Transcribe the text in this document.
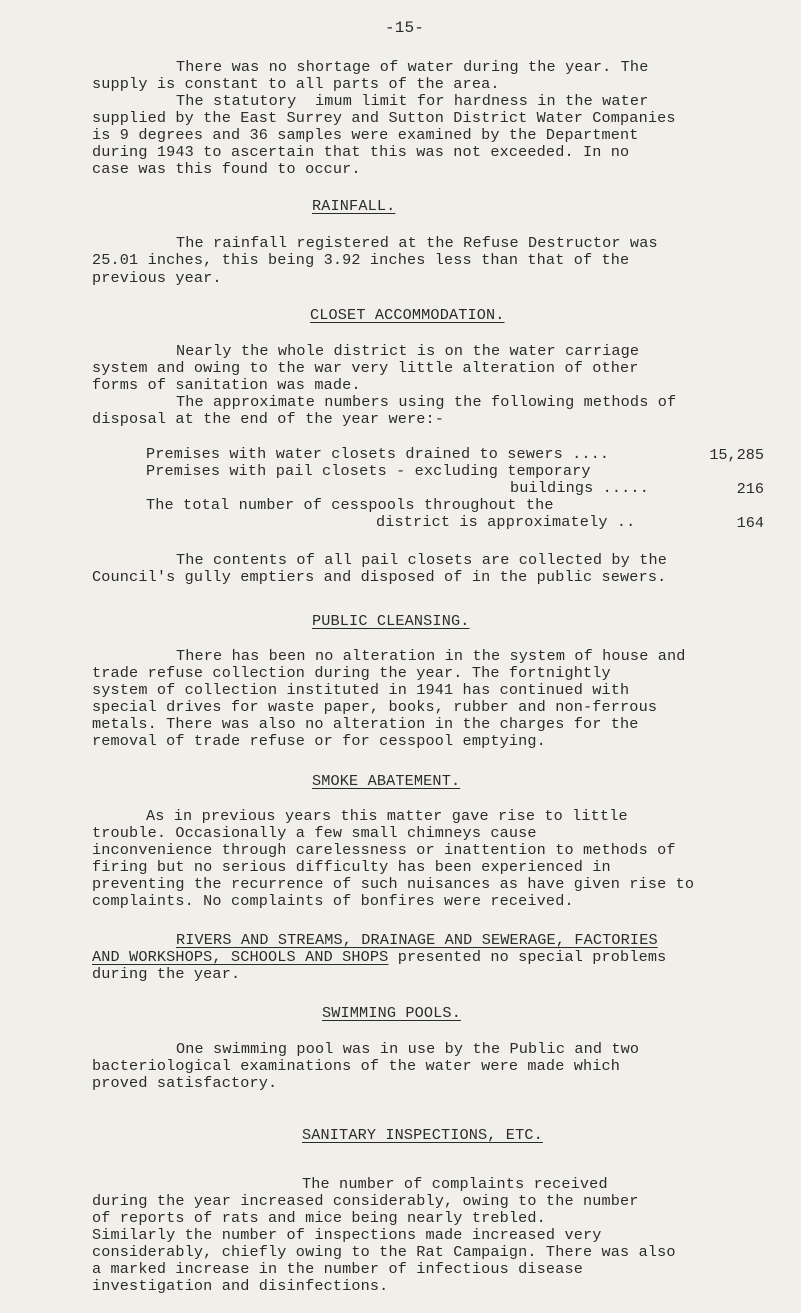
-15-
There was no shortage of water during the year. The
supply is constant to all parts of the area.
The statutory  imum limit for hardness in the water
supplied by the East Surrey and Sutton District Water Companies
is 9 degrees and 36 samples were examined by the Department
during 1943 to ascertain that this was not exceeded. In no
case was this found to occur.
RAINFALL.
The rainfall registered at the Refuse Destructor was
25.01 inches, this being 3.92 inches less than that of the
previous year.
CLOSET ACCOMMODATION.
Nearly the whole district is on the water carriage
system and owing to the war very little alteration of other
forms of sanitation was made.
The approximate numbers using the following methods of
disposal at the end of the year were:-
Premises with water closets drained to sewers ....	15,285
Premises with pail closets - excluding temporary
buildings .....	216
The total number of cesspools throughout the
district is approximately ..	164
The contents of all pail closets are collected by the
Council's gully emptiers and disposed of in the public sewers.
PUBLIC CLEANSING.
There has been no alteration in the system of house and
trade refuse collection during the year. The fortnightly
system of collection instituted in 1941 has continued with
special drives for waste paper, books, rubber and non-ferrous
metals. There was also no alteration in the charges for the
removal of trade refuse or for cesspool emptying.
SMOKE ABATEMENT.
As in previous years this matter gave rise to little
trouble. Occasionally a few small chimneys cause
inconvenience through carelessness or inattention to methods of
firing but no serious difficulty has been experienced in
preventing the recurrence of such nuisances as have given rise to
complaints. No complaints of bonfires were received.
RIVERS AND STREAMS, DRAINAGE AND SEWERAGE, FACTORIES
AND WORKSHOPS, SCHOOLS AND SHOPS presented no special problems
during the year.
SWIMMING POOLS.
One swimming pool was in use by the Public and two
bacteriological examinations of the water were made which
proved satisfactory.
SANITARY INSPECTIONS, ETC.
The number of complaints received
during the year increased considerably, owing to the number
of reports of rats and mice being nearly trebled.
Similarly the number of inspections made increased very
considerably, chiefly owing to the Rat Campaign. There was also
a marked increase in the number of infectious disease
investigation and disinfections.
